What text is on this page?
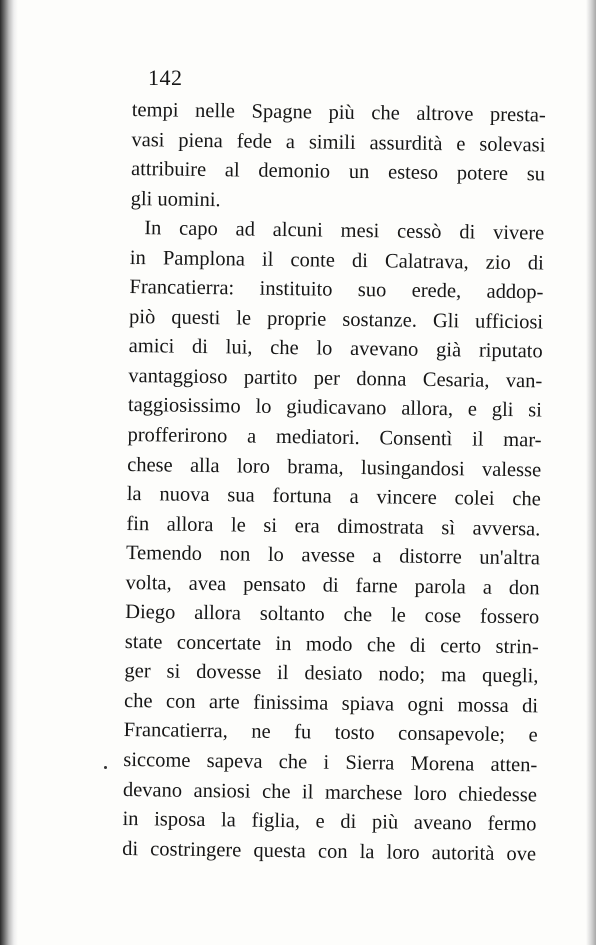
142

tempi nelle Spagne più che altrove presta-
vasi piena fede a simili assurdità e solevasi
attribuire al demonio un esteso potere su
gli uomini.
In capo ad alcuni mesi cessò di vivere
in Pamplona il conte di Calatrava, zio di
Francatierra: instituito suo erede, addop-
piò questi le proprie sostanze. Gli ufficiosi
amici di lui, che lo avevano già riputato
vantaggioso partito per donna Cesaria, van-
taggiosissimo lo giudicavano allora, e gli si
profferirono a mediatori. Consentì il mar-
chese alla loro brama, lusingandosi valesse
la nuova sua fortuna a vincere colei che
fin allora le si era dimostrata sì avversa.
Temendo non lo avesse a distorre un'altra
volta, avea pensato di farne parola a don
Diego allora soltanto che le cose fossero
state concertate in modo che di certo strin-
ger si dovesse il desiato nodo; ma quegli,
che con arte finissima spiava ogni mossa di
Francatierra, ne fu tosto consapevole; e
siccome sapeva che i Sierra Morena atten-
devano ansiosi che il marchese loro chiedesse
in isposa la figlia, e di più aveano fermo
di costringere questa con la loro autorità ove
